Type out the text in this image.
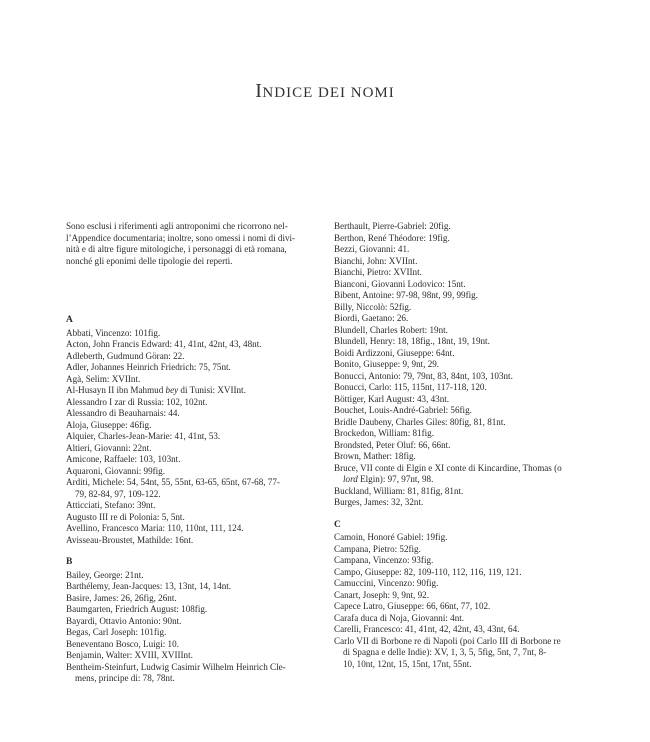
INDICE DEI NOMI
Sono esclusi i riferimenti agli antroponimi che ricorrono nel-
l’Appendice documentaria; inoltre, sono omessi i nomi di divi-
nità e di altre figure mitologiche, i personaggi di età romana,
nonché gli eponimi delle tipologie dei reperti.
A
Abbati, Vincenzo: 101fig.
Acton, John Francis Edward: 41, 41nt, 42nt, 43, 48nt.
Adleberth, Gudmund Göran: 22.
Adler, Johannes Heinrich Friedrich: 75, 75nt.
Agà, Selim: XVIInt.
Al-Husayn II ibn Mahmud bey di Tunisi: XVIInt.
Alessandro I zar di Russia: 102, 102nt.
Alessandro di Beauharnais: 44.
Aloja, Giuseppe: 46fig.
Alquier, Charles-Jean-Marie: 41, 41nt, 53.
Altieri, Giovanni: 22nt.
Amicone, Raffaele: 103, 103nt.
Aquaroni, Giovanni: 99fig.
Arditi, Michele: 54, 54nt, 55, 55nt, 63-65, 65nt, 67-68, 77-
79, 82-84, 97, 109-122.
Atticciati, Stefano: 39nt.
Augusto III re di Polonia: 5, 5nt.
Avellino, Francesco Maria: 110, 110nt, 111, 124.
Avisseau-Broustet, Mathilde: 16nt.
B
Bailey, George: 21nt.
Barthélemy, Jean-Jacques: 13, 13nt, 14, 14nt.
Basire, James: 26, 26fig, 26nt.
Baumgarten, Friedrich August: 108fig.
Bayardi, Ottavio Antonio: 90nt.
Begas, Carl Joseph: 101fig.
Beneventano Bosco, Luigi: 10.
Benjamin, Walter: XVIII, XVIIInt.
Bentheim-Steinfurt, Ludwig Casimir Wilhelm Heinrich Cle-
mens, principe di: 78, 78nt.
Berthault, Pierre-Gabriel: 20fig.
Berthon, René Théodore: 19fig.
Bezzi, Giovanni: 41.
Bianchi, John: XVIInt.
Bianchi, Pietro: XVIInt.
Bianconi, Giovanni Lodovico: 15nt.
Bibent, Antoine: 97-98, 98nt, 99, 99fig.
Billy, Niccolò: 52fig.
Biordi, Gaetano: 26.
Blundell, Charles Robert: 19nt.
Blundell, Henry: 18, 18fig., 18nt, 19, 19nt.
Boidi Ardizzoni, Giuseppe: 64nt.
Bonito, Giuseppe: 9, 9nt, 29.
Bonucci, Antonio: 79, 79nt, 83, 84nt, 103, 103nt.
Bonucci, Carlo: 115, 115nt, 117-118, 120.
Böttiger, Karl August: 43, 43nt.
Bouchet, Louis-André-Gabriel: 56fig.
Bridle Daubeny, Charles Giles: 80fig, 81, 81nt.
Brockedon, William: 81fig.
Brondsted, Peter Oluf: 66, 66nt.
Brown, Mather: 18fig.
Bruce, VII conte di Elgin e XI conte di Kincardine, Thomas (o
lord Elgin): 97, 97nt, 98.
Buckland, William: 81, 81fig, 81nt.
Burges, James: 32, 32nt.
C
Camoin, Honoré Gabiel: 19fig.
Campana, Pietro: 52fig.
Campana, Vincenzo: 93fig.
Campo, Giuseppe: 82, 109-110, 112, 116, 119, 121.
Camuccini, Vincenzo: 90fig.
Canart, Joseph: 9, 9nt, 92.
Capece Latro, Giuseppe: 66, 66nt, 77, 102.
Carafa duca di Noja, Giovanni: 4nt.
Carelli, Francesco: 41, 41nt, 42, 42nt, 43, 43nt, 64.
Carlo VII di Borbone re di Napoli (poi Carlo III di Borbone re
di Spagna e delle Indie): XV, 1, 3, 5, 5fig, 5nt, 7, 7nt, 8-
10, 10nt, 12nt, 15, 15nt, 17nt, 55nt.
